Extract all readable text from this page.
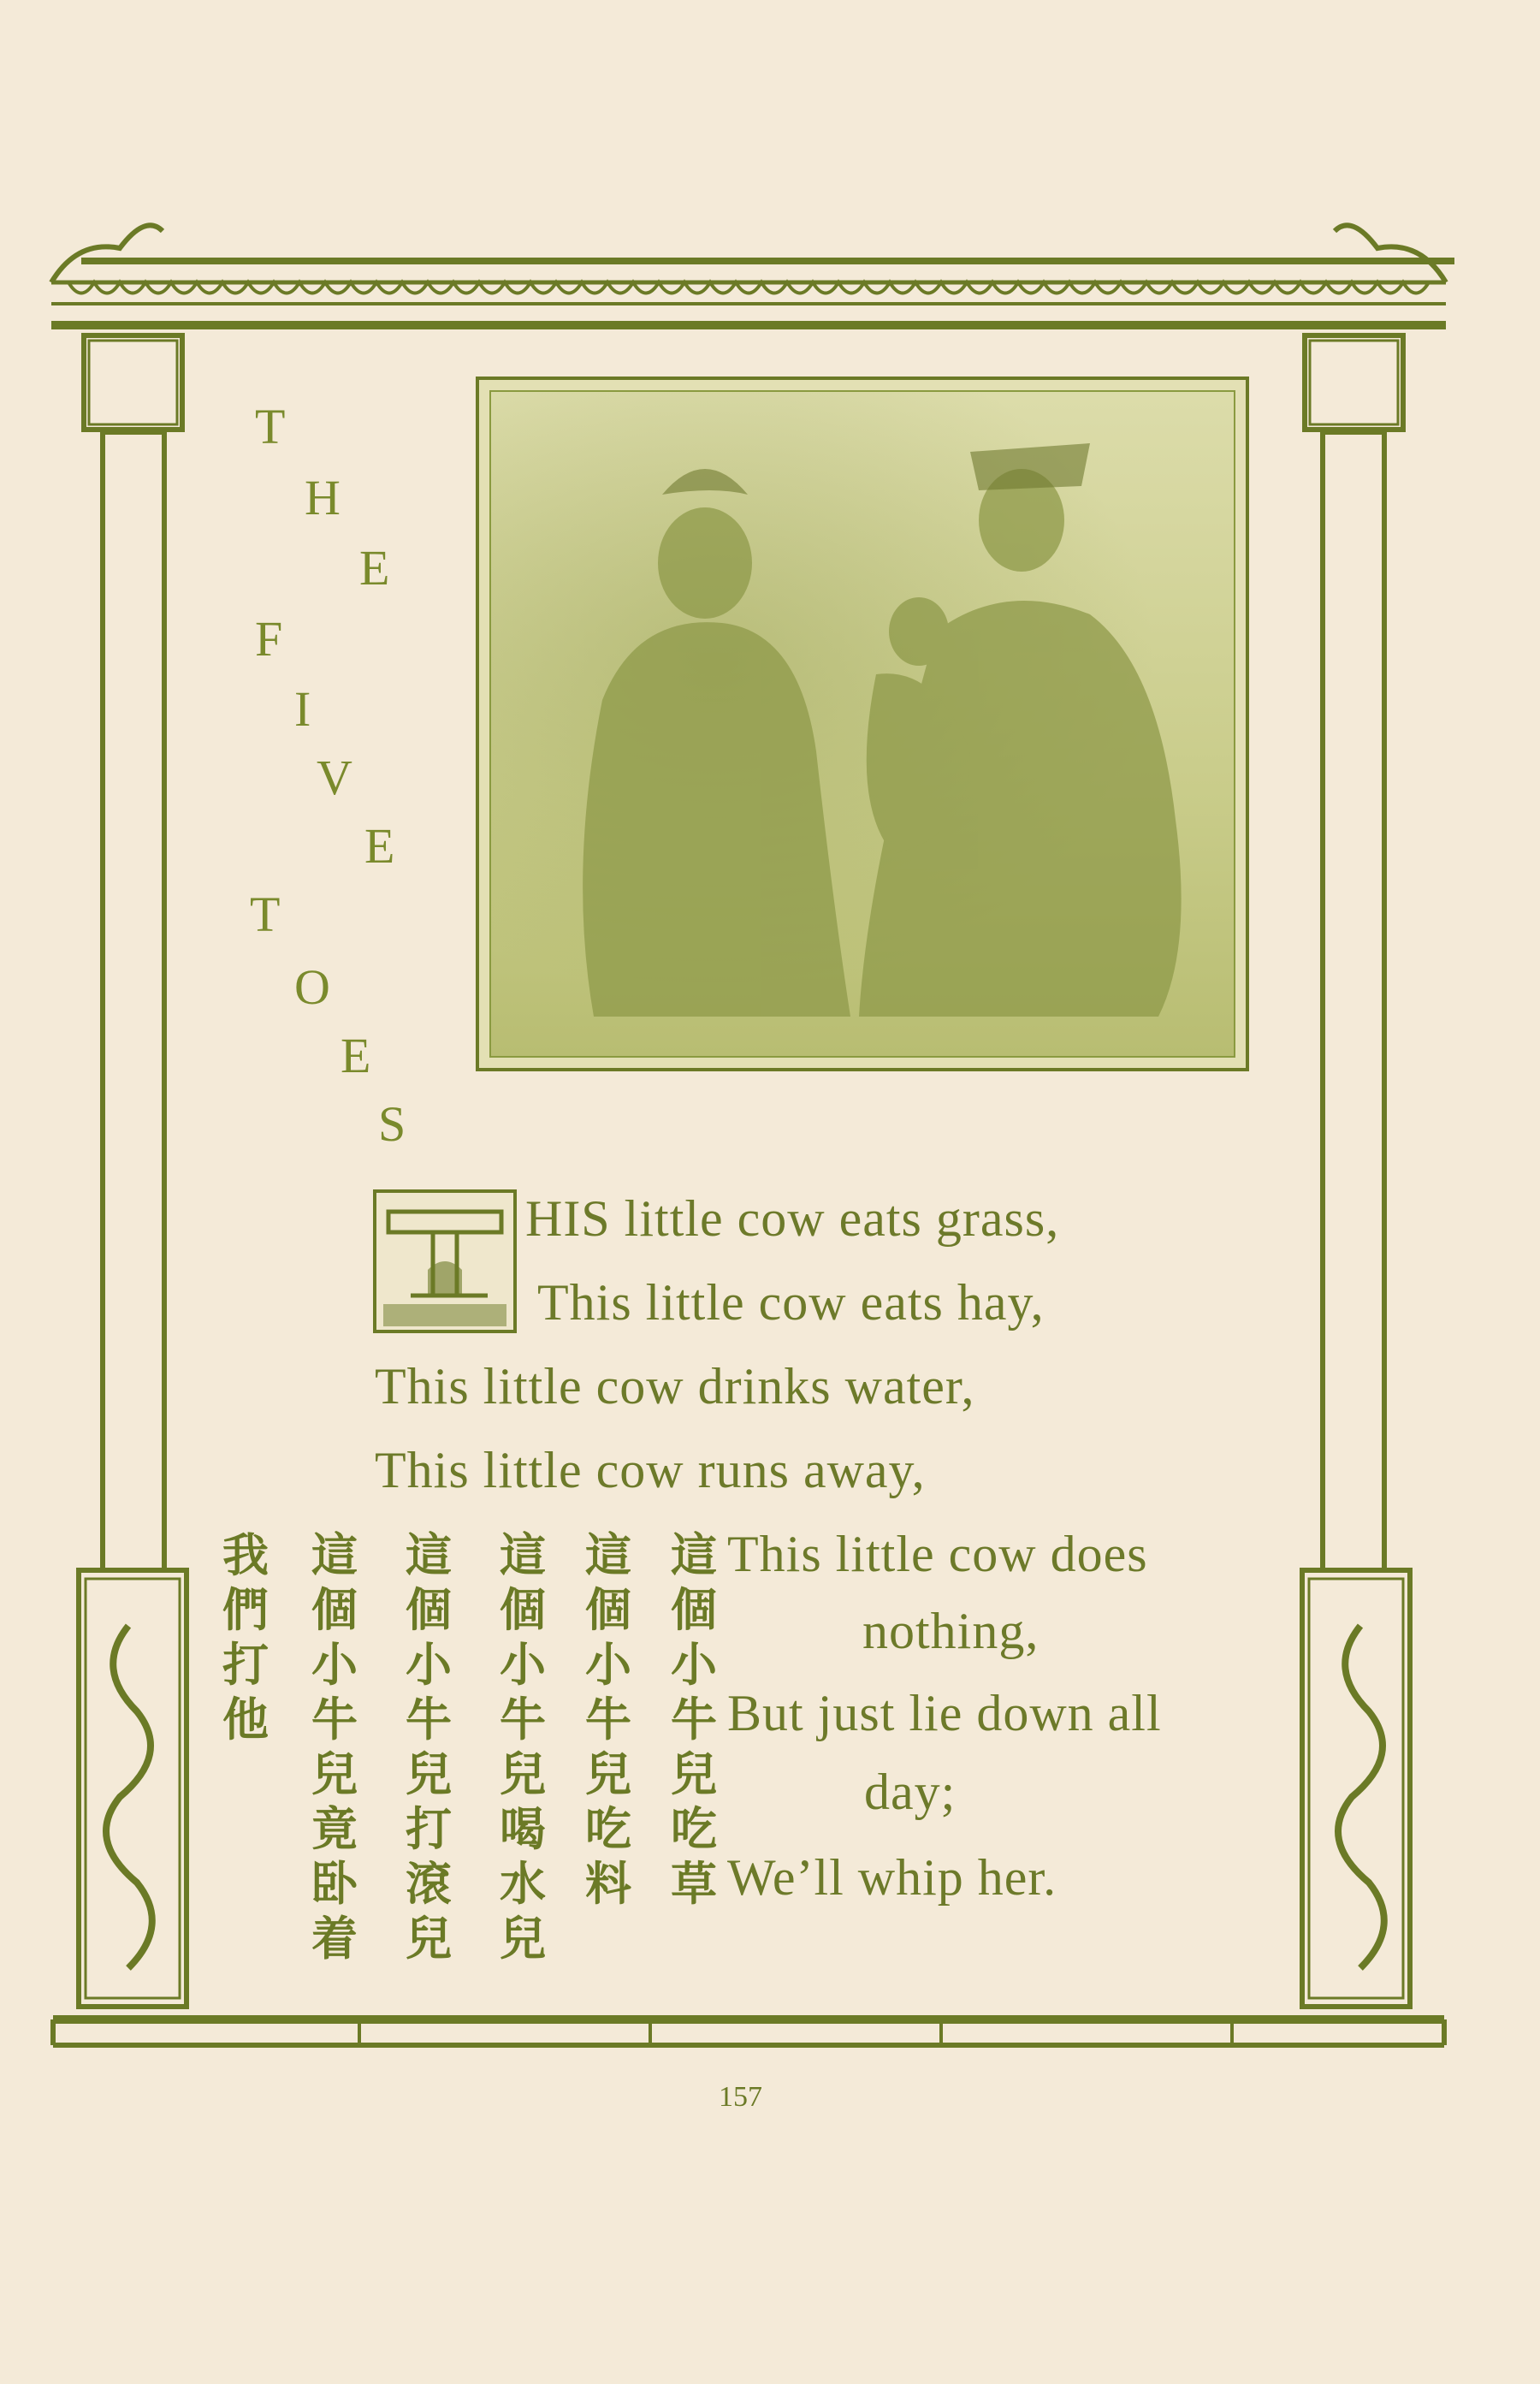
T
H
E
F
I
V
E
T
O
E
S
HIS little cow eats grass,
This little cow eats hay,
This little cow drinks water,
This little cow runs away,
This little cow does
nothing,
But just lie down all
day;
We’ll whip her.
這個小牛兒吃草
這個小牛兒吃料
這個小牛兒喝水兒
這個小牛兒打滾兒
這個小牛兒竟卧着
我們打他
157
